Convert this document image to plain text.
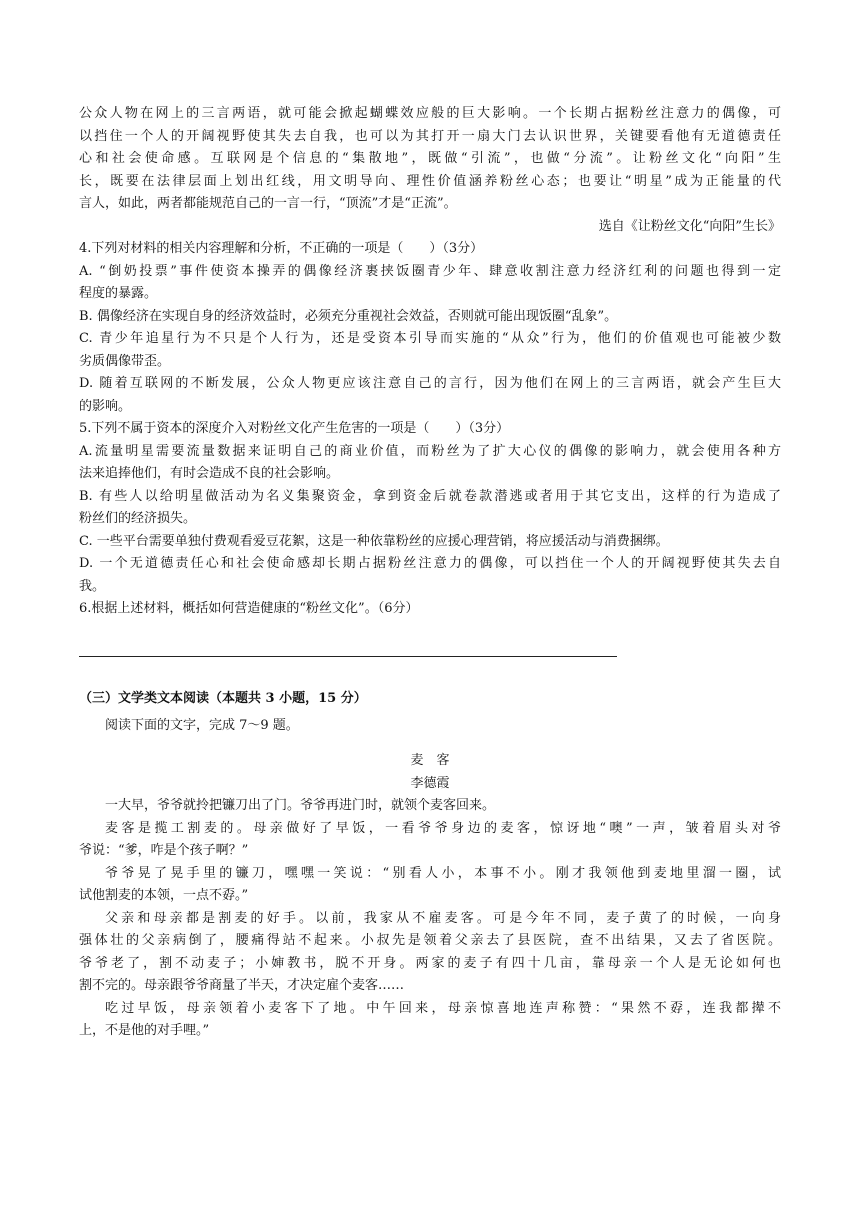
公众人物在网上的三言两语，就可能会掀起蝴蝶效应般的巨大影响。一个长期占据粉丝注意力的偶像，可
以挡住一个人的开阔视野使其失去自我，也可以为其打开一扇大门去认识世界，关键要看他有无道德责任
心和社会使命感。互联网是个信息的“集散地”，既做“引流”，也做“分流”。让粉丝文化“向阳”生
长，既要在法律层面上划出红线，用文明导向、理性价值涵养粉丝心态；也要让“明星”成为正能量的代
言人，如此，两者都能规范自己的一言一行，“顶流”才是“正流”。
选自《让粉丝文化“向阳”生长》
4.下列对材料的相关内容理解和分析，不正确的一项是（　　）（3分）
A. “倒奶投票”事件使资本操弄的偶像经济裹挟饭圈青少年、肆意收割注意力经济红利的问题也得到一定
程度的暴露。
B. 偶像经济在实现自身的经济效益时，必须充分重视社会效益，否则就可能出现饭圈“乱象”。
C. 青少年追星行为不只是个人行为，还是受资本引导而实施的“从众”行为，他们的价值观也可能被少数
劣质偶像带歪。
D. 随着互联网的不断发展，公众人物更应该注意自己的言行，因为他们在网上的三言两语，就会产生巨大
的影响。
5.下列不属于资本的深度介入对粉丝文化产生危害的一项是（　　）（3分）
A.流量明星需要流量数据来证明自己的商业价值，而粉丝为了扩大心仪的偶像的影响力，就会使用各种方
法来追捧他们，有时会造成不良的社会影响。
B. 有些人以给明星做活动为名义集聚资金，拿到资金后就卷款潜逃或者用于其它支出，这样的行为造成了
粉丝们的经济损失。
C. 一些平台需要单独付费观看爱豆花絮，这是一种依靠粉丝的应援心理营销，将应援活动与消费捆绑。
D. 一个无道德责任心和社会使命感却长期占据粉丝注意力的偶像，可以挡住一个人的开阔视野使其失去自
我。
6.根据上述材料，概括如何营造健康的“粉丝文化”。（6分）
（三）文学类文本阅读（本题共 3 小题，15 分）
阅读下面的文字，完成 7～9 题。
麦　客
李德霞
一大早，爷爷就拎把镰刀出了门。爷爷再进门时，就领个麦客回来。
麦客是揽工割麦的。母亲做好了早饭，一看爷爷身边的麦客，惊讶地“噢”一声，皱着眉头对爷
爷说：“爹，咋是个孩子啊？”
爷爷晃了晃手里的镰刀，嘿嘿一笑说：“别看人小，本事不小。刚才我领他到麦地里溜一圈，试
试他割麦的本领，一点不孬。”
父亲和母亲都是割麦的好手。以前，我家从不雇麦客。可是今年不同，麦子黄了的时候，一向身
强体壮的父亲病倒了，腰痛得站不起来。小叔先是领着父亲去了县医院，查不出结果，又去了省医院。
爷爷老了，割不动麦子；小婶教书，脱不开身。两家的麦子有四十几亩，靠母亲一个人是无论如何也
割不完的。母亲跟爷爷商量了半天，才决定雇个麦客……
吃过早饭，母亲领着小麦客下了地。中午回来，母亲惊喜地连声称赞：“果然不孬，连我都撵不
上，不是他的对手哩。”
